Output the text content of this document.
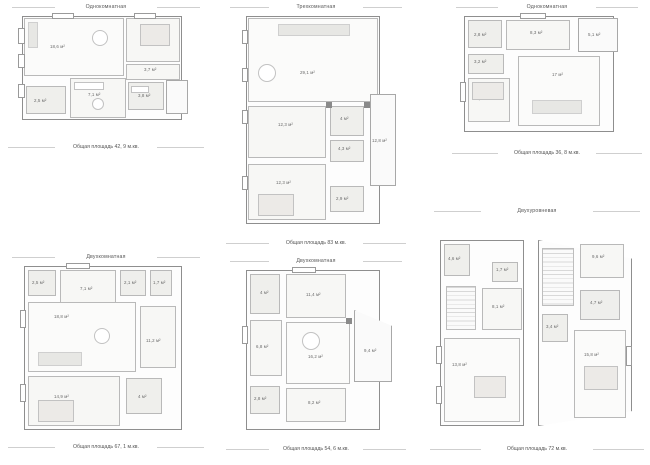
Однокомнатная
18,6 м²
3,7 м²
7,1 м²	3,8 м²
2,5 м²
Общая площадь 42, 9 м.кв.
Трехкомнатная
29,1 м²
12,3 м²
4 м²
4,3 м²
12,8 м²
12,3 м²
2,9 м²
Общая площадь 83 м.кв.
Однокомнатная
2,8 м²	8,3 м²	5,1 м²
3,2 м²
17 м²
Общая площадь 36, 8 м.кв.
Двухкомнатная
2,5 м²
7,1 м²
2,1 м²	1,7 м²
18,8 м²
11,2 м²
14,9 м²	4 м²
Общая площадь 67, 1 м.кв.
Двухкомнатная
4 м²	11,4 м²
6,8 м²
16,2 м²
9,4 м²
2,8 м²
8,2 м²
Общая площадь 54, 6 м.кв.
Двухуровневая
4,6 м²
1,7 м²
8,1 м²
13,8 м²
9,6 м²
3,4 м²
4,7 м²
15,8 м²
Общая площадь 72 м.кв.
